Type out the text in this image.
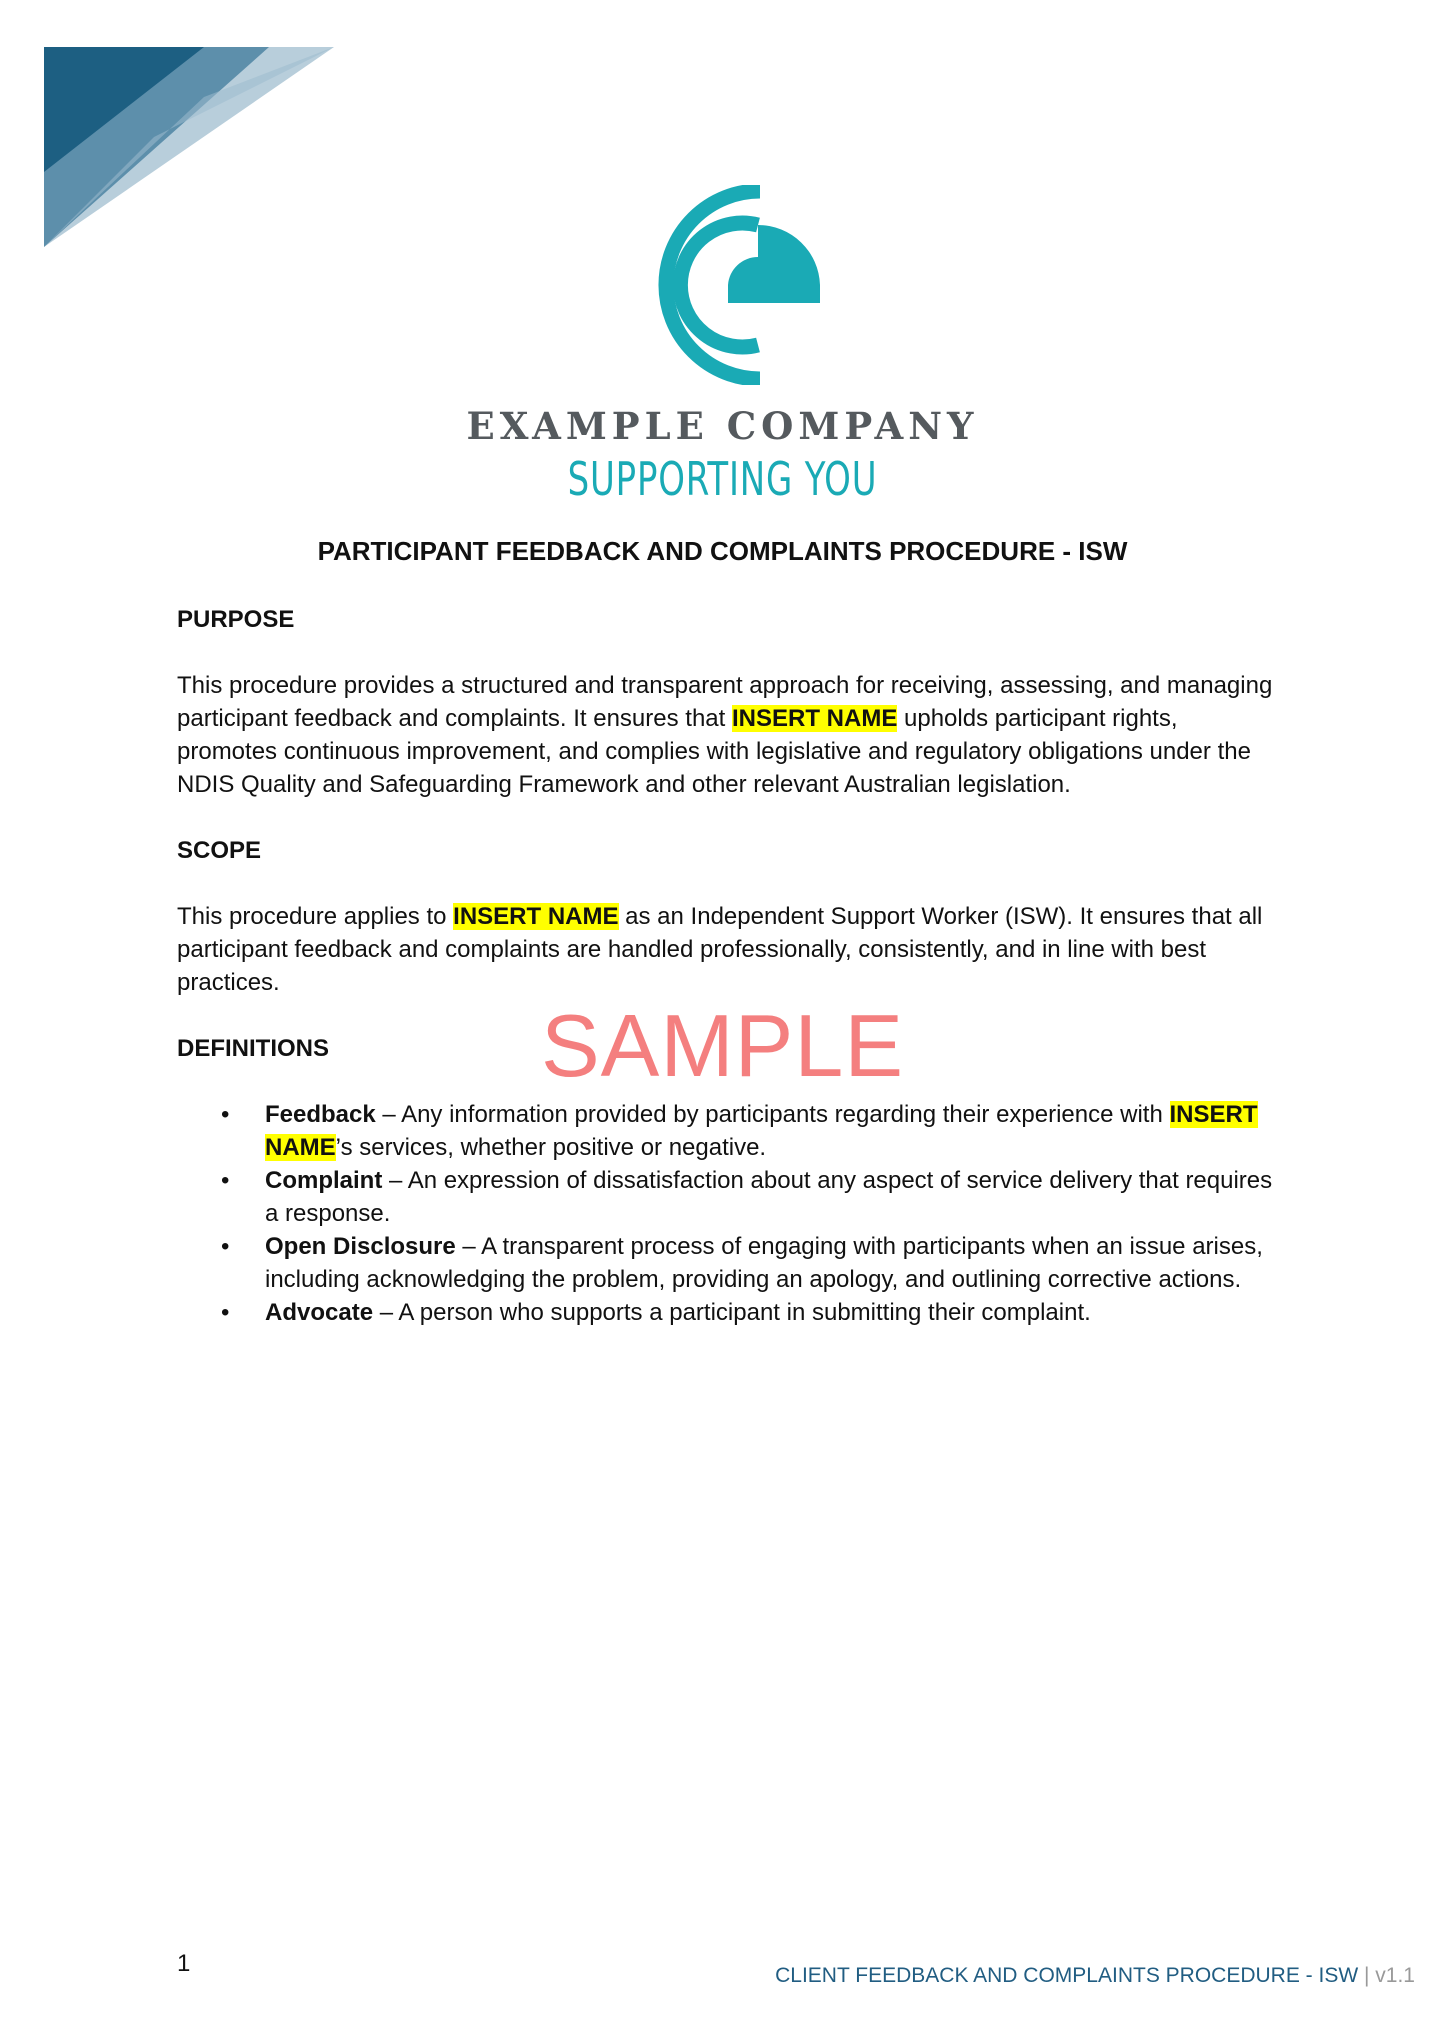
EXAMPLE COMPANY
SUPPORTING YOU
PARTICIPANT FEEDBACK AND COMPLAINTS PROCEDURE - ISW
PURPOSE

This procedure provides a structured and transparent approach for receiving, assessing, and managing participant feedback and complaints. It ensures that INSERT NAME upholds participant rights, promotes continuous improvement, and complies with legislative and regulatory obligations under the NDIS Quality and Safeguarding Framework and other relevant Australian legislation.

SCOPE

This procedure applies to INSERT NAME as an Independent Support Worker (ISW). It ensures that all participant feedback and complaints are handled professionally, consistently, and in line with best practices.

DEFINITIONS
• Feedback – Any information provided by participants regarding their experience with INSERT NAME’s services, whether positive or negative.
• Complaint – An expression of dissatisfaction about any aspect of service delivery that requires a response.
• Open Disclosure – A transparent process of engaging with participants when an issue arises, including acknowledging the problem, providing an apology, and outlining corrective actions.
• Advocate – A person who supports a participant in submitting their complaint.
SAMPLE
1	CLIENT FEEDBACK AND COMPLAINTS PROCEDURE - ISW | v1.1
